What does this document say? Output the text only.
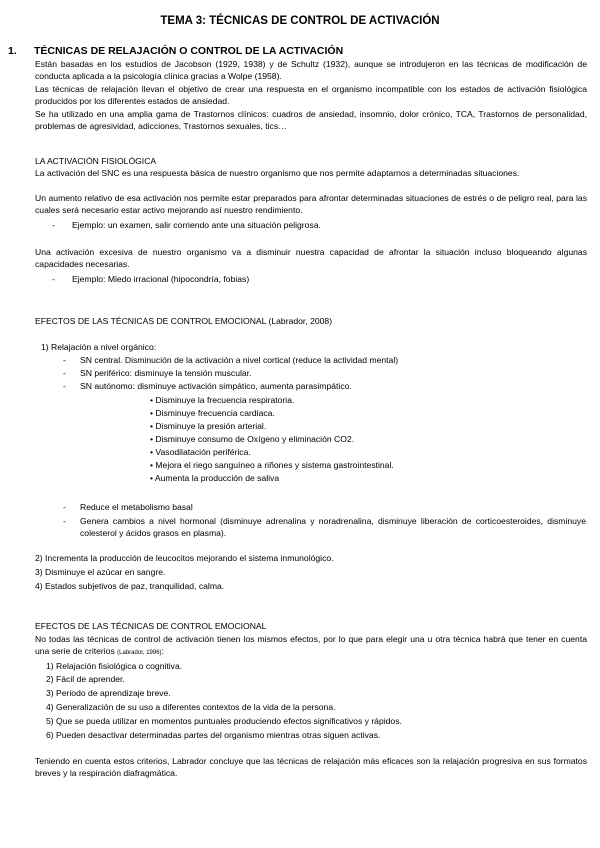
TEMA 3: TÉCNICAS DE CONTROL DE ACTIVACIÓN
1. TÉCNICAS DE RELAJACIÓN O CONTROL DE LA ACTIVACIÓN
Están basadas en los estudios de Jacobson (1929, 1938) y de Schultz (1932), aunque se introdujeron en las técnicas de modificación de conducta aplicada a la psicología clínica gracias a Wolpe (1958).
Las técnicas de relajación llevan el objetivo de crear una respuesta en el organismo incompatible con los estados de activación fisiológica producidos por los diferentes estados de ansiedad.
Se ha utilizado en una amplia gama de Trastornos clínicos: cuadros de ansiedad, insomnio, dolor crónico, TCA, Trastornos de personalidad, problemas de agresividad, adicciones, Trastornos sexuales, tics…
LA ACTIVACIÓN FISIOLÓGICA
La activación del SNC es una respuesta básica de nuestro organismo que nos permite adaptarnos a determinadas situaciones.
Un aumento relativo de esa activación nos permite estar preparados para afrontar determinadas situaciones de estrés o de peligro real, para las cuales será necesario estar activo mejorando así nuestro rendimiento.
- Ejemplo: un examen, salir corriendo ante una situación peligrosa.
Una activación excesiva de nuestro organismo va a disminuir nuestra capacidad de afrontar la situación incluso bloqueando algunas capacidades necesarias.
- Ejemplo: Miedo irracional (hipocondría, fobias)
EFECTOS DE LAS TÉCNICAS DE CONTROL EMOCIONAL (Labrador, 2008)
1) Relajación a nivel orgánico:
- SN central. Disminución de la activación a nivel cortical (reduce la actividad mental)
- SN periférico: disminuye la tensión muscular.
- SN autónomo: disminuye activación simpático, aumenta parasimpático.
• Disminuye la frecuencia respiratoria.
• Disminuye frecuencia cardiaca.
• Disminuye la presión arterial.
• Disminuye consumo de Oxígeno y eliminación CO2.
• Vasodilatación periférica.
• Mejora el riego sanguíneo a riñones y sistema gastrointestinal.
• Aumenta la producción de saliva
- Reduce el metabolismo basal
- Genera cambios a nivel hormonal (disminuye adrenalina y noradrenalina, disminuye liberación de corticoesteroides, disminuye colesterol y ácidos grasos en plasma).
2) Incrementa la producción de leucocitos mejorando el sistema inmunológico.
3) Disminuye el azúcar en sangre.
4) Estados subjetivos de paz, tranquilidad, calma.
EFECTOS DE LAS TÉCNICAS DE CONTROL EMOCIONAL
No todas las técnicas de control de activación tienen los mismos efectos, por lo que para elegir una u otra técnica habrá que tener en cuenta una serie de criterios (Labrador, 1996):
1) Relajación fisiológica o cognitiva.
2) Fácil de aprender.
3) Periodo de aprendizaje breve.
4) Generalización de su uso a diferentes contextos de la vida de la persona.
5) Que se pueda utilizar en momentos puntuales produciendo efectos significativos y rápidos.
6) Pueden desactivar determinadas partes del organismo mientras otras siguen activas.
Teniendo en cuenta estos criterios, Labrador concluye que las técnicas de relajación más eficaces son la relajación progresiva en sus formatos breves y la respiración diafragmática.
